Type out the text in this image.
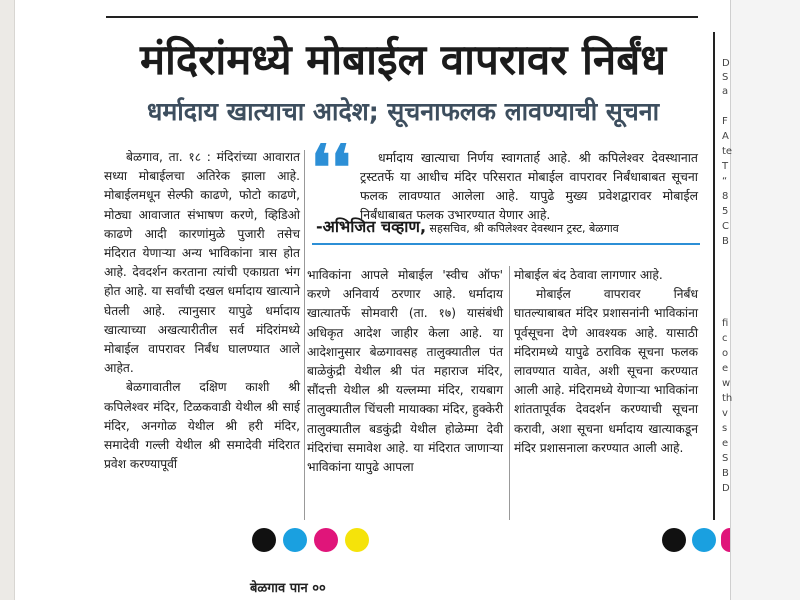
D
S
a
F
A
te
T
“
8
5
C
B
fi
c
o
e
w
th
v
s
e
S
B
D
मंदिरांमध्ये मोबाईल वापरावर निर्बंध
धर्मादाय खात्याचा आदेश; सूचनाफलक लावण्याची सूचना

बेळगाव, ता. १८ : मंदिरांच्या आवारात सध्या मोबाईलचा अतिरेक झाला आहे. मोबाईलमधून सेल्फी काढणे, फोटो काढणे, मोठ्या आवाजात संभाषण करणे, व्हिडिओ काढणे आदी कारणांमुळे पुजारी तसेच मंदिरात येणाऱ्या अन्य भाविकांना त्रास होत आहे. देवदर्शन करताना त्यांची एकाग्रता भंग होत आहे. या सर्वांची दखल धर्मादाय खात्याने घेतली आहे. त्यानुसार यापुढे धर्मादाय खात्याच्या अखत्यारीतील सर्व मंदिरांमध्ये मोबाईल वापरावर निर्बंध घालण्यात आले आहेत.

बेळगावातील दक्षिण काशी श्री कपिलेश्वर मंदिर, टिळकवाडी येथील श्री साई मंदिर, अनगोळ येथील श्री हरी मंदिर, समादेवी गल्ली येथील श्री समादेवी मंदिरात प्रवेश करण्यापूर्वी

❛❛	धर्मादाय खात्याचा निर्णय स्वागतार्ह आहे. श्री कपिलेश्वर देवस्थानात ट्रस्टतर्फे या आधीच मंदिर परिसरात मोबाईल वापरावर निर्बंधाबाबत सूचना फलक लावण्यात आलेला आहे. यापुढे मुख्य प्रवेशद्वारावर मोबाईल निर्बंधाबाबत फलक उभारण्यात येणार आहे.

-अभिजित चव्हाण, सहसचिव, श्री कपिलेश्वर देवस्थान ट्रस्ट, बेळगाव

भाविकांना आपले मोबाईल 'स्वीच ऑफ' करणे अनिवार्य ठरणार आहे. धर्मादाय खात्यातर्फे सोमवारी (ता. १७) यासंबंधी अधिकृत आदेश जाहीर केला आहे. या आदेशानुसार बेळगावसह तालुक्यातील पंत बाळेकुंद्री येथील श्री पंत महाराज मंदिर, सौंदत्ती येथील श्री यल्लम्मा मंदिर, रायबाग तालुक्यातील चिंचली मायाक्का मंदिर, हुक्केरी तालुक्यातील बडकुंद्री येथील होळेम्मा देवी मंदिरांचा समावेश आहे. या मंदिरात जाणाऱ्या भाविकांना यापुढे आपला

मोबाईल बंद ठेवावा लागणार आहे.

मोबाईल वापरावर निर्बंध घातल्याबाबत मंदिर प्रशासनांनी भाविकांना पूर्वसूचना देणे आवश्यक आहे. यासाठी मंदिरामध्ये यापुढे ठराविक सूचना फलक लावण्यात यावेत, अशी सूचना करण्यात आली आहे. मंदिरामध्ये येणाऱ्या भाविकांना शांततापूर्वक देवदर्शन करण्याची सूचना करावी, अशा सूचना धर्मादाय खात्याकडून मंदिर प्रशासनाला करण्यात आली आहे.

बेळगाव पान ००
